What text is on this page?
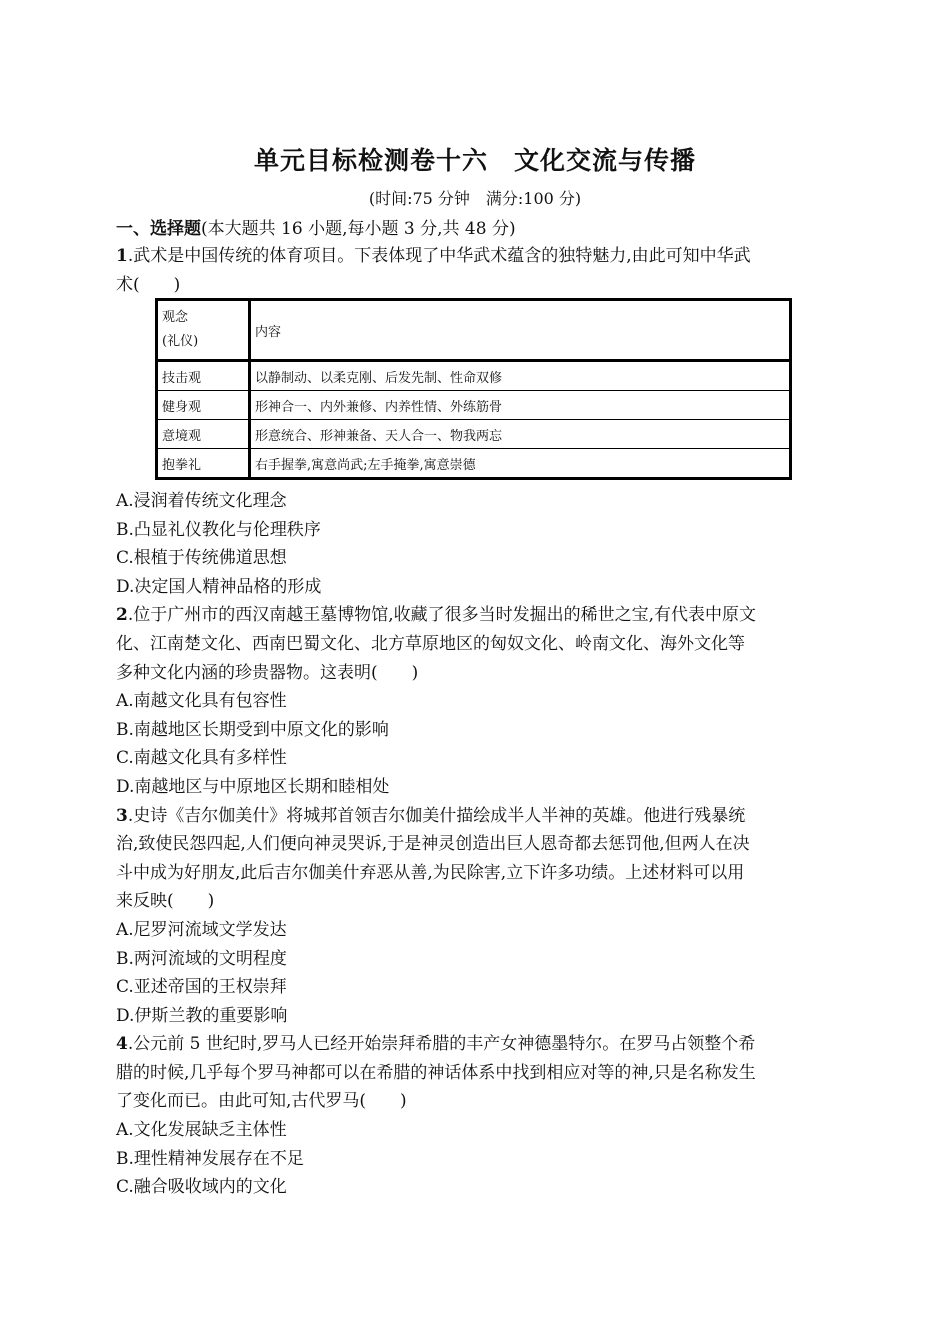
单元目标检测卷十六　文化交流与传播
(时间:75 分钟　满分:100 分)
一、选择题(本大题共 16 小题,每小题 3 分,共 48 分)
1.武术是中国传统的体育项目。下表体现了中华武术蕴含的独特魅力,由此可知中华武
术(　　)
观念
(礼仪)	内容
技击观	以静制动、以柔克刚、后发先制、性命双修
健身观	形神合一、内外兼修、内养性情、外练筋骨
意境观	形意统合、形神兼备、天人合一、物我两忘
抱拳礼	右手握拳,寓意尚武;左手掩拳,寓意崇德
A.浸润着传统文化理念
B.凸显礼仪教化与伦理秩序
C.根植于传统佛道思想
D.决定国人精神品格的形成
2.位于广州市的西汉南越王墓博物馆,收藏了很多当时发掘出的稀世之宝,有代表中原文
化、江南楚文化、西南巴蜀文化、北方草原地区的匈奴文化、岭南文化、海外文化等
多种文化内涵的珍贵器物。这表明(　　)
A.南越文化具有包容性
B.南越地区长期受到中原文化的影响
C.南越文化具有多样性
D.南越地区与中原地区长期和睦相处
3.史诗《吉尔伽美什》将城邦首领吉尔伽美什描绘成半人半神的英雄。他进行残暴统
治,致使民怨四起,人们便向神灵哭诉,于是神灵创造出巨人恩奇都去惩罚他,但两人在决
斗中成为好朋友,此后吉尔伽美什弃恶从善,为民除害,立下许多功绩。上述材料可以用
来反映(　　)
A.尼罗河流域文学发达
B.两河流域的文明程度
C.亚述帝国的王权崇拜
D.伊斯兰教的重要影响
4.公元前 5 世纪时,罗马人已经开始崇拜希腊的丰产女神德墨特尔。在罗马占领整个希
腊的时候,几乎每个罗马神都可以在希腊的神话体系中找到相应对等的神,只是名称发生
了变化而已。由此可知,古代罗马(　　)
A.文化发展缺乏主体性
B.理性精神发展存在不足
C.融合吸收域内的文化
